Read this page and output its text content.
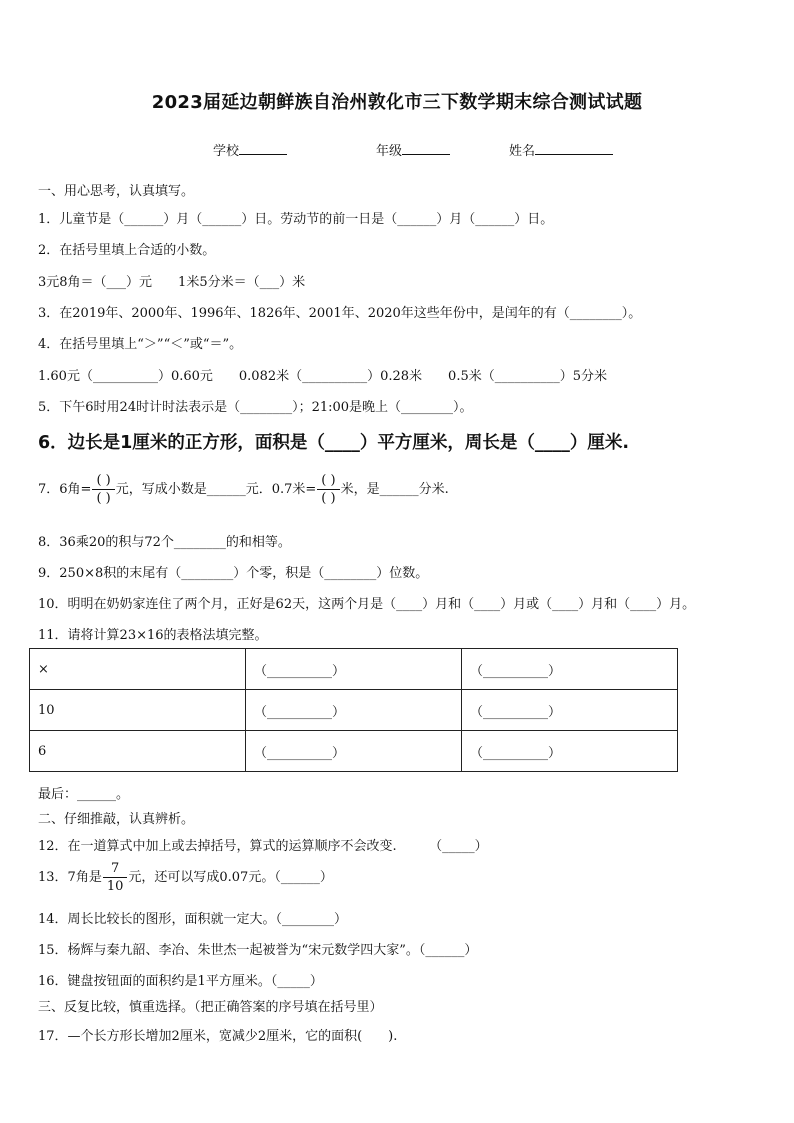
2023届延边朝鲜族自治州敦化市三下数学期末综合测试试题
学校	年级	姓名
一、用心思考，认真填写。
1．儿童节是（______）月（______）日。劳动节的前一日是（______）月（______）日。
2．在括号里填上合适的小数。
3元8角＝（___）元　　1米5分米＝（___）米
3．在2019年、2000年、1996年、1826年、2001年、2020年这些年份中，是闰年的有（________）。
4．在括号里填上“＞”“＜”或“＝”。
1.60元（__________）0.60元　　0.082米（__________）0.28米　　0.5米（__________）5分米
5．下午6时用24时计时法表示是（________）；21:00是晚上（________）。
6．边长是1厘米的正方形，面积是（____）平方厘米，周长是（____）厘米.
7．6角= $\frac{( )}{( )}$ 元，写成小数是______元．0.7米= $\frac{( )}{( )}$ 米，是______分米.
8．36乘20的积与72个________的和相等。
9．250×8积的末尾有（________）个零，积是（________）位数。
10．明明在奶奶家连住了两个月，正好是62天，这两个月是（____）月和（____）月或（____）月和（____）月。
11．请将计算23×16的表格法填完整。
×	（__________）	（__________）
10	（__________）	（__________）
6	（__________）	（__________）
最后：______。
二、仔细推敲，认真辨析。
12．在一道算式中加上或去掉括号，算式的运算顺序不会改变.　　　（_____）
13．7角是 $\frac{7}{10}$ 元，还可以写成0.07元。（______）
14．周长比较长的图形，面积就一定大。（________）
15．杨辉与秦九韶、李冶、朱世杰一起被誉为“宋元数学四大家”。（______）
16．键盘按钮面的面积约是1平方厘米。（_____）
三、反复比较，慎重选择。（把正确答案的序号填在括号里）
17．—个长方形长增加2厘米，宽减少2厘米，它的面积(　　).
